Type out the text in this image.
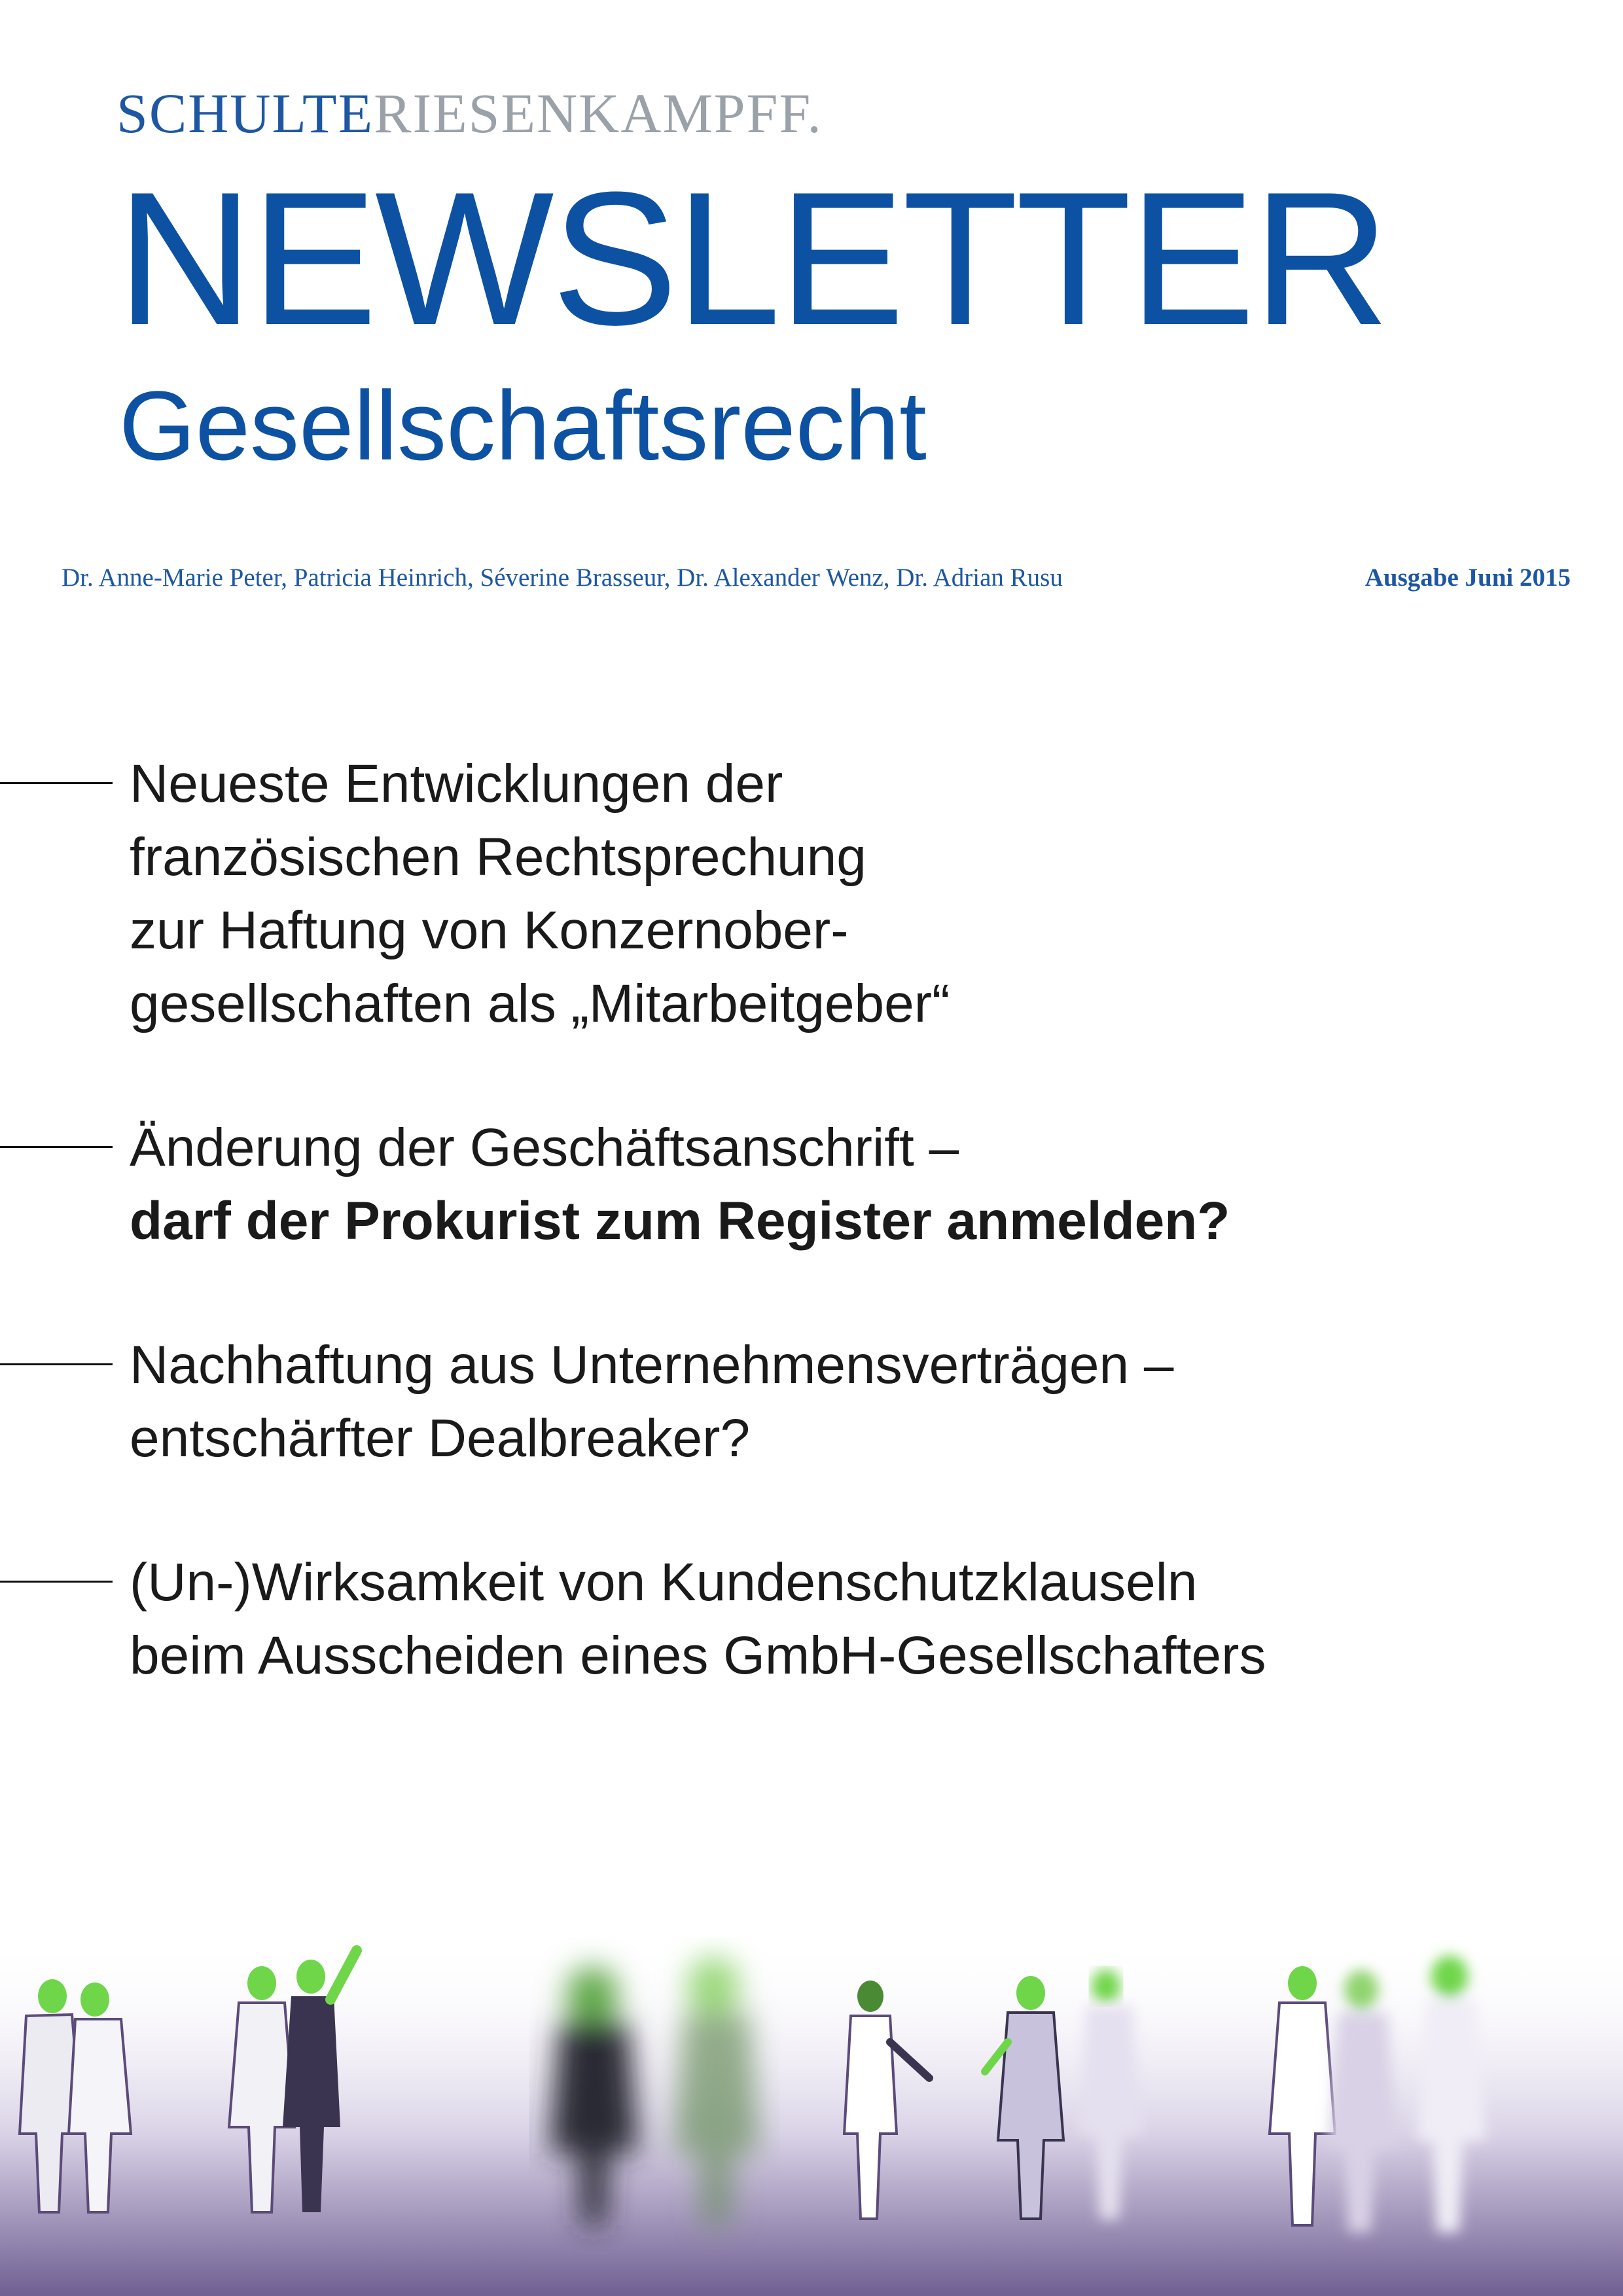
SCHULTERIESENKAMPFF.
NEWSLETTER
Gesellschaftsrecht
Dr. Anne-Marie Peter, Patricia Heinrich, Séverine Brasseur, Dr. Alexander Wenz, Dr. Adrian Rusu	Ausgabe Juni 2015
Neueste Entwicklungen der
französischen Rechtsprechung
zur Haftung von Konzernober-
gesellschaften als „Mitarbeitgeber“
Änderung der Geschäftsanschrift –
darf der Prokurist zum Register anmelden?
Nachhaftung aus Unternehmensverträgen –
entschärfter Dealbreaker?
(Un-)Wirksamkeit von Kundenschutzklauseln
beim Ausscheiden eines GmbH-Gesellschafters
